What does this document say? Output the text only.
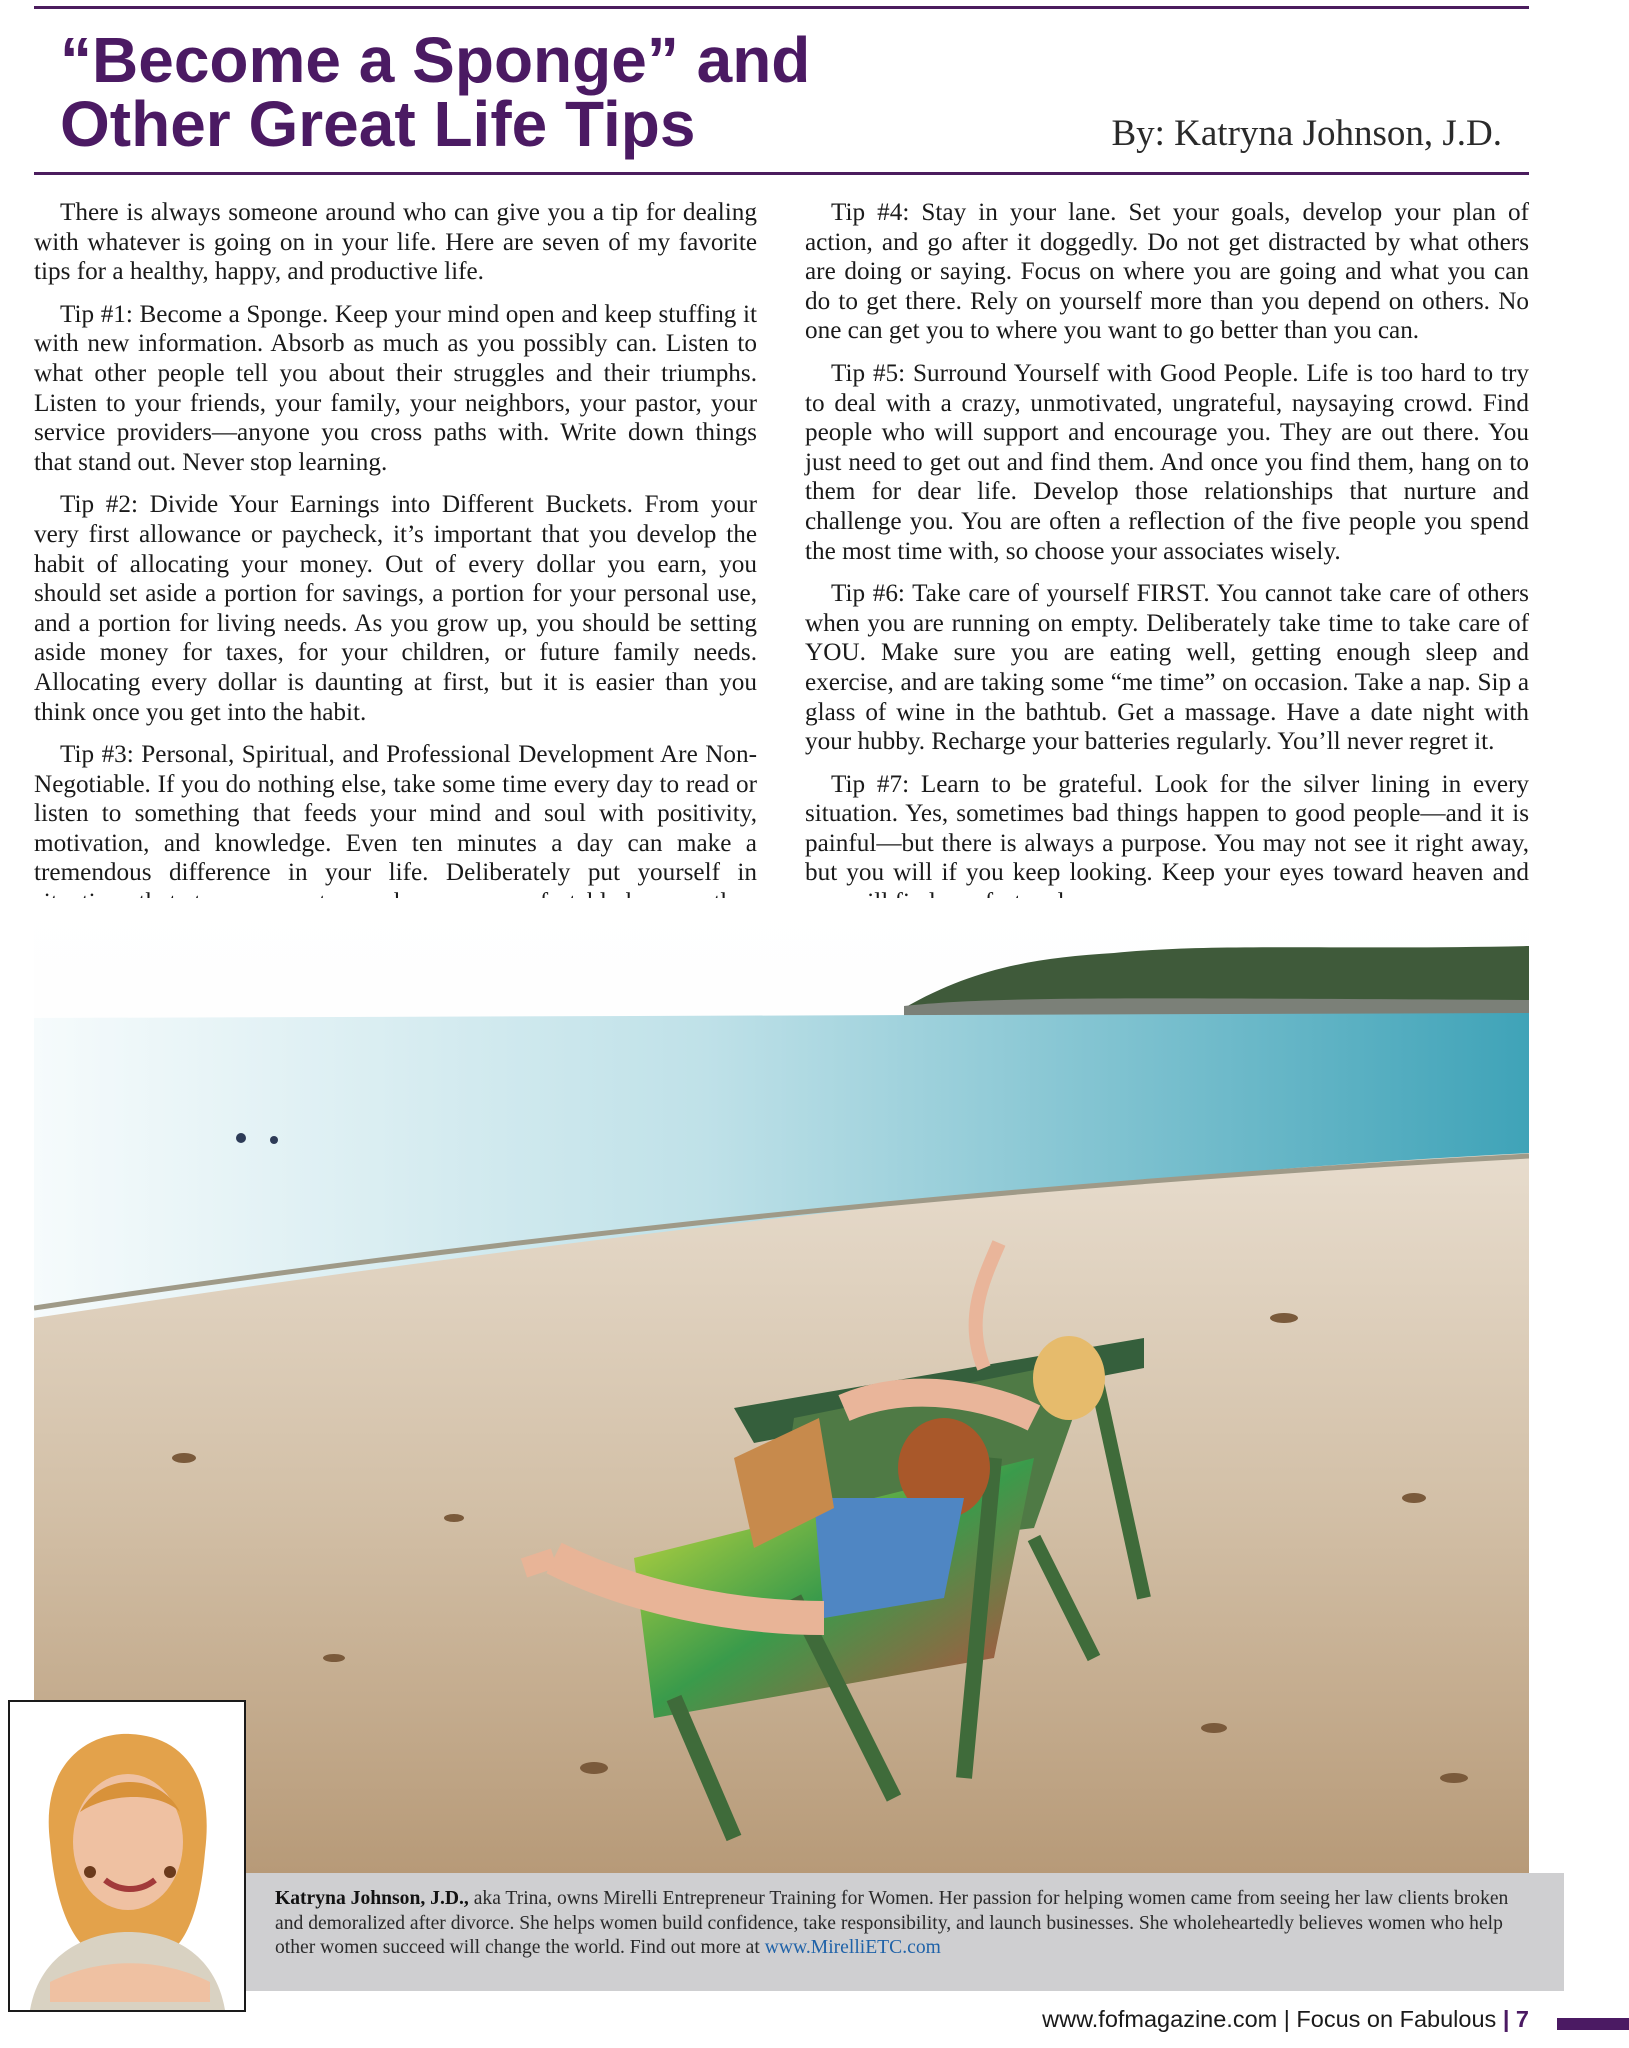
“Become a Sponge” and
Other Great Life Tips	By: Katryna Johnson, J.D.

There is always someone around who can give you a tip for dealing with whatever is going on in your life. Here are seven of my favorite tips for a healthy, happy, and productive life.

Tip #1: Become a Sponge. Keep your mind open and keep stuffing it with new information. Absorb as much as you possibly can. Listen to what other people tell you about their struggles and their triumphs. Listen to your friends, your family, your neighbors, your pastor, your service providers—anyone you cross paths with. Write down things that stand out. Never stop learning.

Tip #2: Divide Your Earnings into Different Buckets. From your very first allowance or paycheck, it’s important that you develop the habit of allocating your money. Out of every dollar you earn, you should set aside a portion for savings, a portion for your personal use, and a portion for living needs. As you grow up, you should be setting aside money for taxes, for your children, or future family needs. Allocating every dollar is daunting at first, but it is easier than you think once you get into the habit.

Tip #3: Personal, Spiritual, and Professional Development Are Non-Negotiable. If you do nothing else, take some time every day to read or listen to something that feeds your mind and soul with positivity, motivation, and knowledge. Even ten minutes a day can make a tremendous difference in your life. Deliberately put yourself in

Tip #4: Stay in your lane. Set your goals, develop your plan of action, and go after it doggedly. Do not get distracted by what others are doing or saying. Focus on where you are going and what you can do to get there. Rely on yourself more than you depend on others. No one can get you to where you want to go better than you can.

Tip #5: Surround Yourself with Good People. Life is too hard to try to deal with a crazy, unmotivated, ungrateful, naysaying crowd. Find people who will support and encourage you. They are out there. You just need to get out and find them. And once you find them, hang on to them for dear life. Develop those relationships that nurture and challenge you. You are often a reflection of the five people you spend the most time with, so choose your associates wisely.

Tip #6: Take care of yourself FIRST. You cannot take care of others when you are running on empty. Deliberately take time to take care of YOU. Make sure you are eating well, getting enough sleep and exercise, and are taking some “me time” on occasion. Take a nap. Sip a glass of wine in the bathtub. Get a massage. Have a date night with your hubby. Recharge your batteries regularly. You’ll never regret it.

Tip #7: Learn to be grateful. Look for the silver lining in every situation. Yes, sometimes bad things happen to good people—and it is painful—but there is always a purpose. You may not see it right away, but you will if you keep looking. Keep your eyes toward heaven and

Katryna Johnson, J.D., aka Trina, owns Mirelli Entrepreneur Training for Women. Her passion for helping women came from seeing her law clients broken and demoralized after divorce. She helps women build confidence, take responsibility, and launch businesses. She wholeheartedly believes women who help other women succeed will change the world. Find out more at www.MirelliETC.com

www.fofmagazine.com | Focus on Fabulous | 7
